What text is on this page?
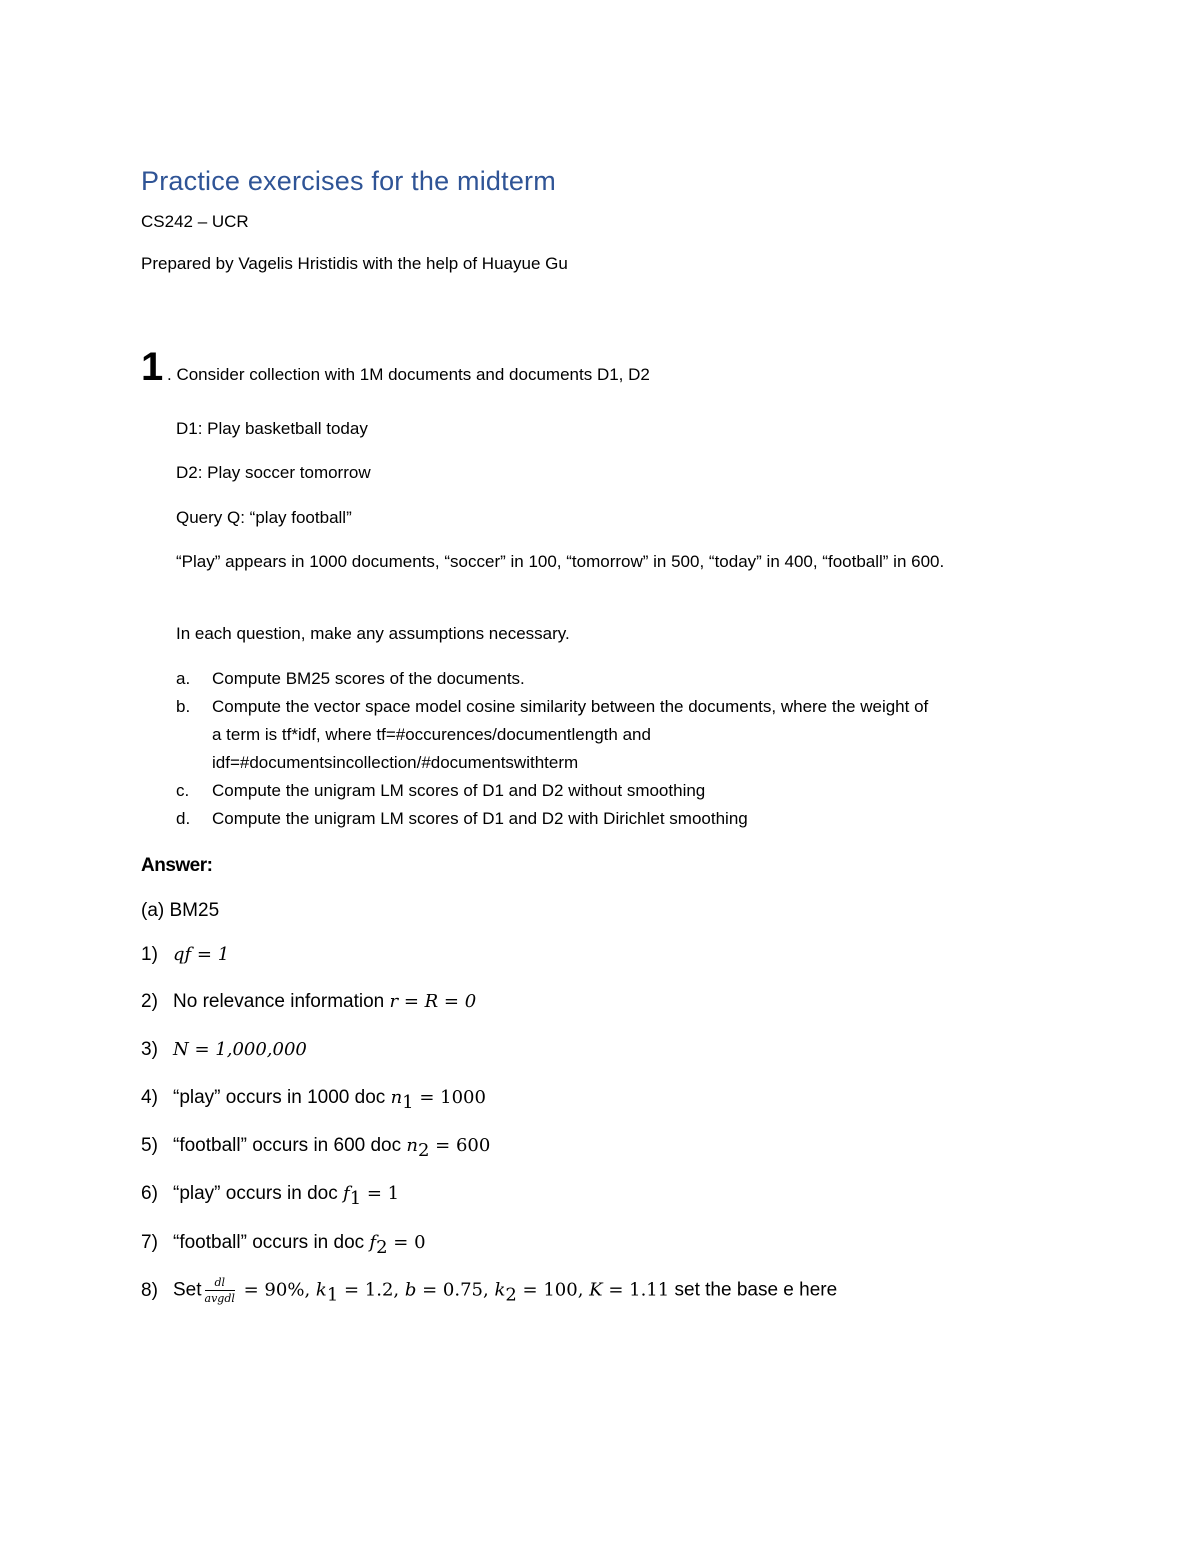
Practice exercises for the midterm
CS242 – UCR
Prepared by Vagelis Hristidis with the help of Huayue Gu
1 . Consider collection with 1M documents and documents D1, D2
D1: Play basketball today
D2: Play soccer tomorrow
Query Q: “play football”
“Play” appears in 1000 documents, “soccer” in 100, “tomorrow” in 500, “today” in 400, “football” in 600.
In each question, make any assumptions necessary.
a. Compute BM25 scores of the documents.
b. Compute the vector space model cosine similarity between the documents, where the weight of
a term is tf*idf, where tf=#occurences/documentlength and
idf=#documentsincollection/#documentswithterm
c. Compute the unigram LM scores of D1 and D2 without smoothing
d. Compute the unigram LM scores of D1 and D2 with Dirichlet smoothing
Answer:
(a) BM25
1) qf = 1
2) No relevance information r = R = 0
3) N = 1,000,000
4) “play” occurs in 1000 doc $n_1 = 1000$
5) “football” occurs in 600 doc $n_2 = 600$
6) “play” occurs in doc $f_1 = 1$
7) “football” occurs in doc $f_2 = 0$
8) Set $\frac{dl}{\text{avgdl}} = 90\%$, $k_1 = 1.2$, b = 0.75, $k_2 = 100$, K = 1.11 set the base e here
